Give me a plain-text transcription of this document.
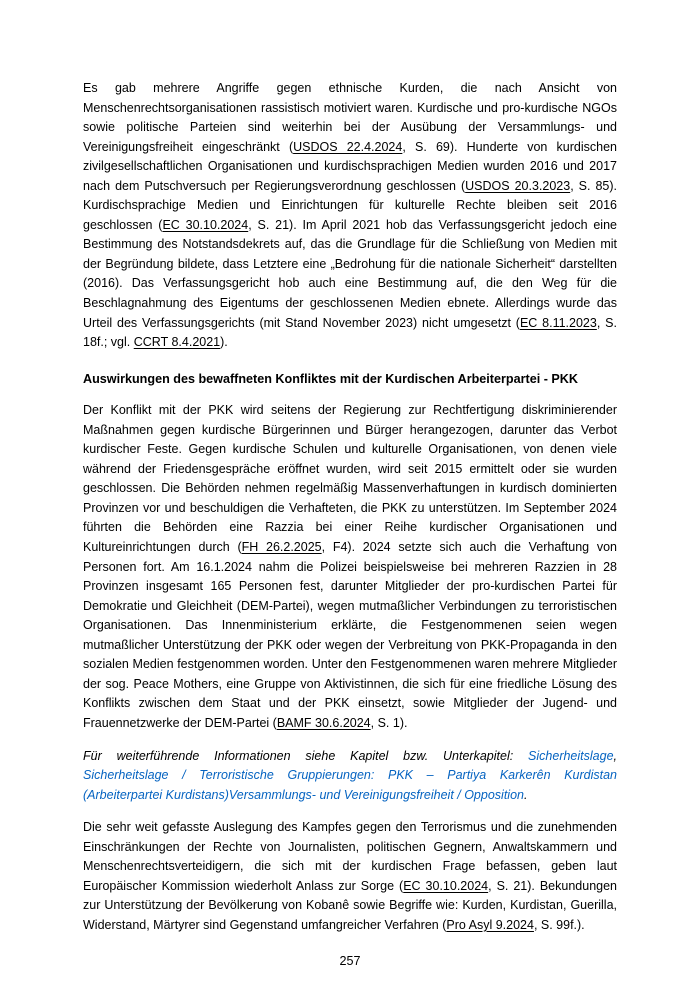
Es gab mehrere Angriffe gegen ethnische Kurden, die nach Ansicht von Menschenrechtsorganisationen rassistisch motiviert waren. Kurdische und pro-kurdische NGOs sowie politische Parteien sind weiterhin bei der Ausübung der Versammlungs- und Vereinigungsfreiheit eingeschränkt (USDOS 22.4.2024, S. 69). Hunderte von kurdischen zivilgesellschaftlichen Organisationen und kurdischsprachigen Medien wurden 2016 und 2017 nach dem Putschversuch per Regierungsverordnung geschlossen (USDOS 20.3.2023, S. 85). Kurdischsprachige Medien und Einrichtungen für kulturelle Rechte bleiben seit 2016 geschlossen (EC 30.10.2024, S. 21). Im April 2021 hob das Verfassungsgericht jedoch eine Bestimmung des Notstandsdekrets auf, das die Grundlage für die Schließung von Medien mit der Begründung bildete, dass Letztere eine „Bedrohung für die nationale Sicherheit“ darstellten (2016). Das Verfassungsgericht hob auch eine Bestimmung auf, die den Weg für die Beschlagnahmung des Eigentums der geschlossenen Medien ebnete. Allerdings wurde das Urteil des Verfassungsgerichts (mit Stand November 2023) nicht umgesetzt (EC 8.11.2023, S. 18f.; vgl. CCRT 8.4.2021).

Auswirkungen des bewaffneten Konfliktes mit der Kurdischen Arbeiterpartei - PKK

Der Konflikt mit der PKK wird seitens der Regierung zur Rechtfertigung diskriminierender Maßnahmen gegen kurdische Bürgerinnen und Bürger herangezogen, darunter das Verbot kurdischer Feste. Gegen kurdische Schulen und kulturelle Organisationen, von denen viele während der Friedensgespräche eröffnet wurden, wird seit 2015 ermittelt oder sie wurden geschlossen. Die Behörden nehmen regelmäßig Massenverhaftungen in kurdisch dominierten Provinzen vor und beschuldigen die Verhafteten, die PKK zu unterstützen. Im September 2024 führten die Behörden eine Razzia bei einer Reihe kurdischer Organisationen und Kultureinrichtungen durch (FH 26.2.2025, F4). 2024 setzte sich auch die Verhaftung von Personen fort. Am 16.1.2024 nahm die Polizei beispielsweise bei mehreren Razzien in 28 Provinzen insgesamt 165 Personen fest, darunter Mitglieder der pro-kurdischen Partei für Demokratie und Gleichheit (DEM-Partei), wegen mutmaßlicher Verbindungen zu terroristischen Organisationen. Das Innenministerium erklärte, die Festgenommenen seien wegen mutmaßlicher Unterstützung der PKK oder wegen der Verbreitung von PKK-Propaganda in den sozialen Medien festgenommen worden. Unter den Festgenommenen waren mehrere Mitglieder der sog. Peace Mothers, eine Gruppe von Aktivistinnen, die sich für eine friedliche Lösung des Konflikts zwischen dem Staat und der PKK einsetzt, sowie Mitglieder der Jugend- und Frauennetzwerke der DEM-Partei (BAMF 30.6.2024, S. 1).

Für weiterführende Informationen siehe Kapitel bzw. Unterkapitel: Sicherheitslage, Sicherheitslage / Terroristische Gruppierungen: PKK – Partiya Karkerên Kurdistan (Arbeiterpartei Kurdistans)Versammlungs- und Vereinigungsfreiheit / Opposition.

Die sehr weit gefasste Auslegung des Kampfes gegen den Terrorismus und die zunehmenden Einschränkungen der Rechte von Journalisten, politischen Gegnern, Anwaltskammern und Menschenrechtsverteidigern, die sich mit der kurdischen Frage befassen, geben laut Europäischer Kommission wiederholt Anlass zur Sorge (EC 30.10.2024, S. 21). Bekundungen zur Unterstützung der Bevölkerung von Kobanê sowie Begriffe wie: Kurden, Kurdistan, Guerilla, Widerstand, Märtyrer sind Gegenstand umfangreicher Verfahren (Pro Asyl 9.2024, S. 99f.).

257
